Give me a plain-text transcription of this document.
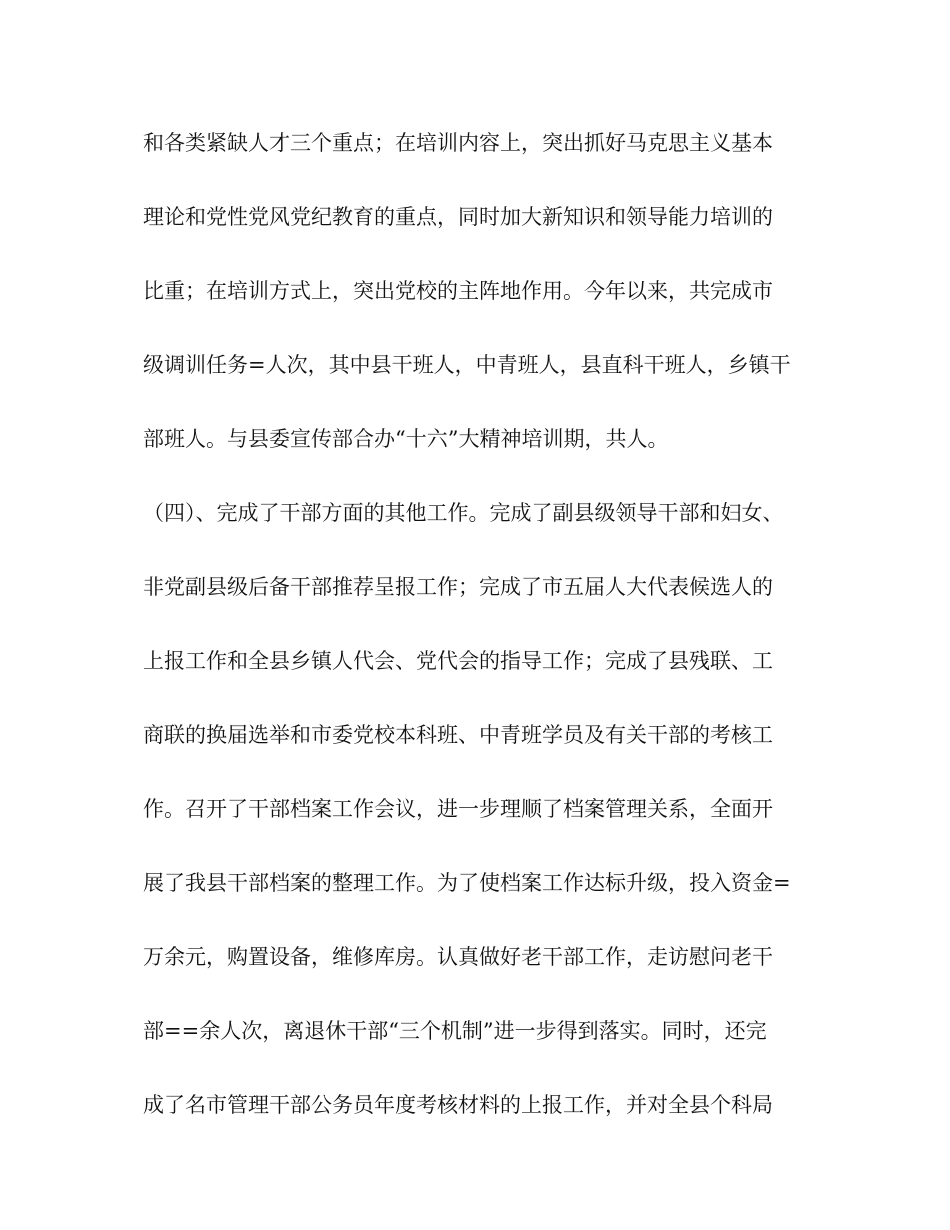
和各类紧缺人才三个重点；在培训内容上，突出抓好马克思主义基本
理论和党性党风党纪教育的重点，同时加大新知识和领导能力培训的
比重；在培训方式上，突出党校的主阵地作用。今年以来，共完成市
级调训任务=人次，其中县干班人，中青班人，县直科干班人，乡镇干
部班人。与县委宣传部合办“十六”大精神培训期，共人。
（四）、完成了干部方面的其他工作。完成了副县级领导干部和妇女、
非党副县级后备干部推荐呈报工作；完成了市五届人大代表候选人的
上报工作和全县乡镇人代会、党代会的指导工作；完成了县残联、工
商联的换届选举和市委党校本科班、中青班学员及有关干部的考核工
作。召开了干部档案工作会议，进一步理顺了档案管理关系，全面开
展了我县干部档案的整理工作。为了使档案工作达标升级，投入资金=
万余元，购置设备，维修库房。认真做好老干部工作，走访慰问老干
部==余人次，离退休干部“三个机制”进一步得到落实。同时，还完
成了名市管理干部公务员年度考核材料的上报工作，并对全县个科局
